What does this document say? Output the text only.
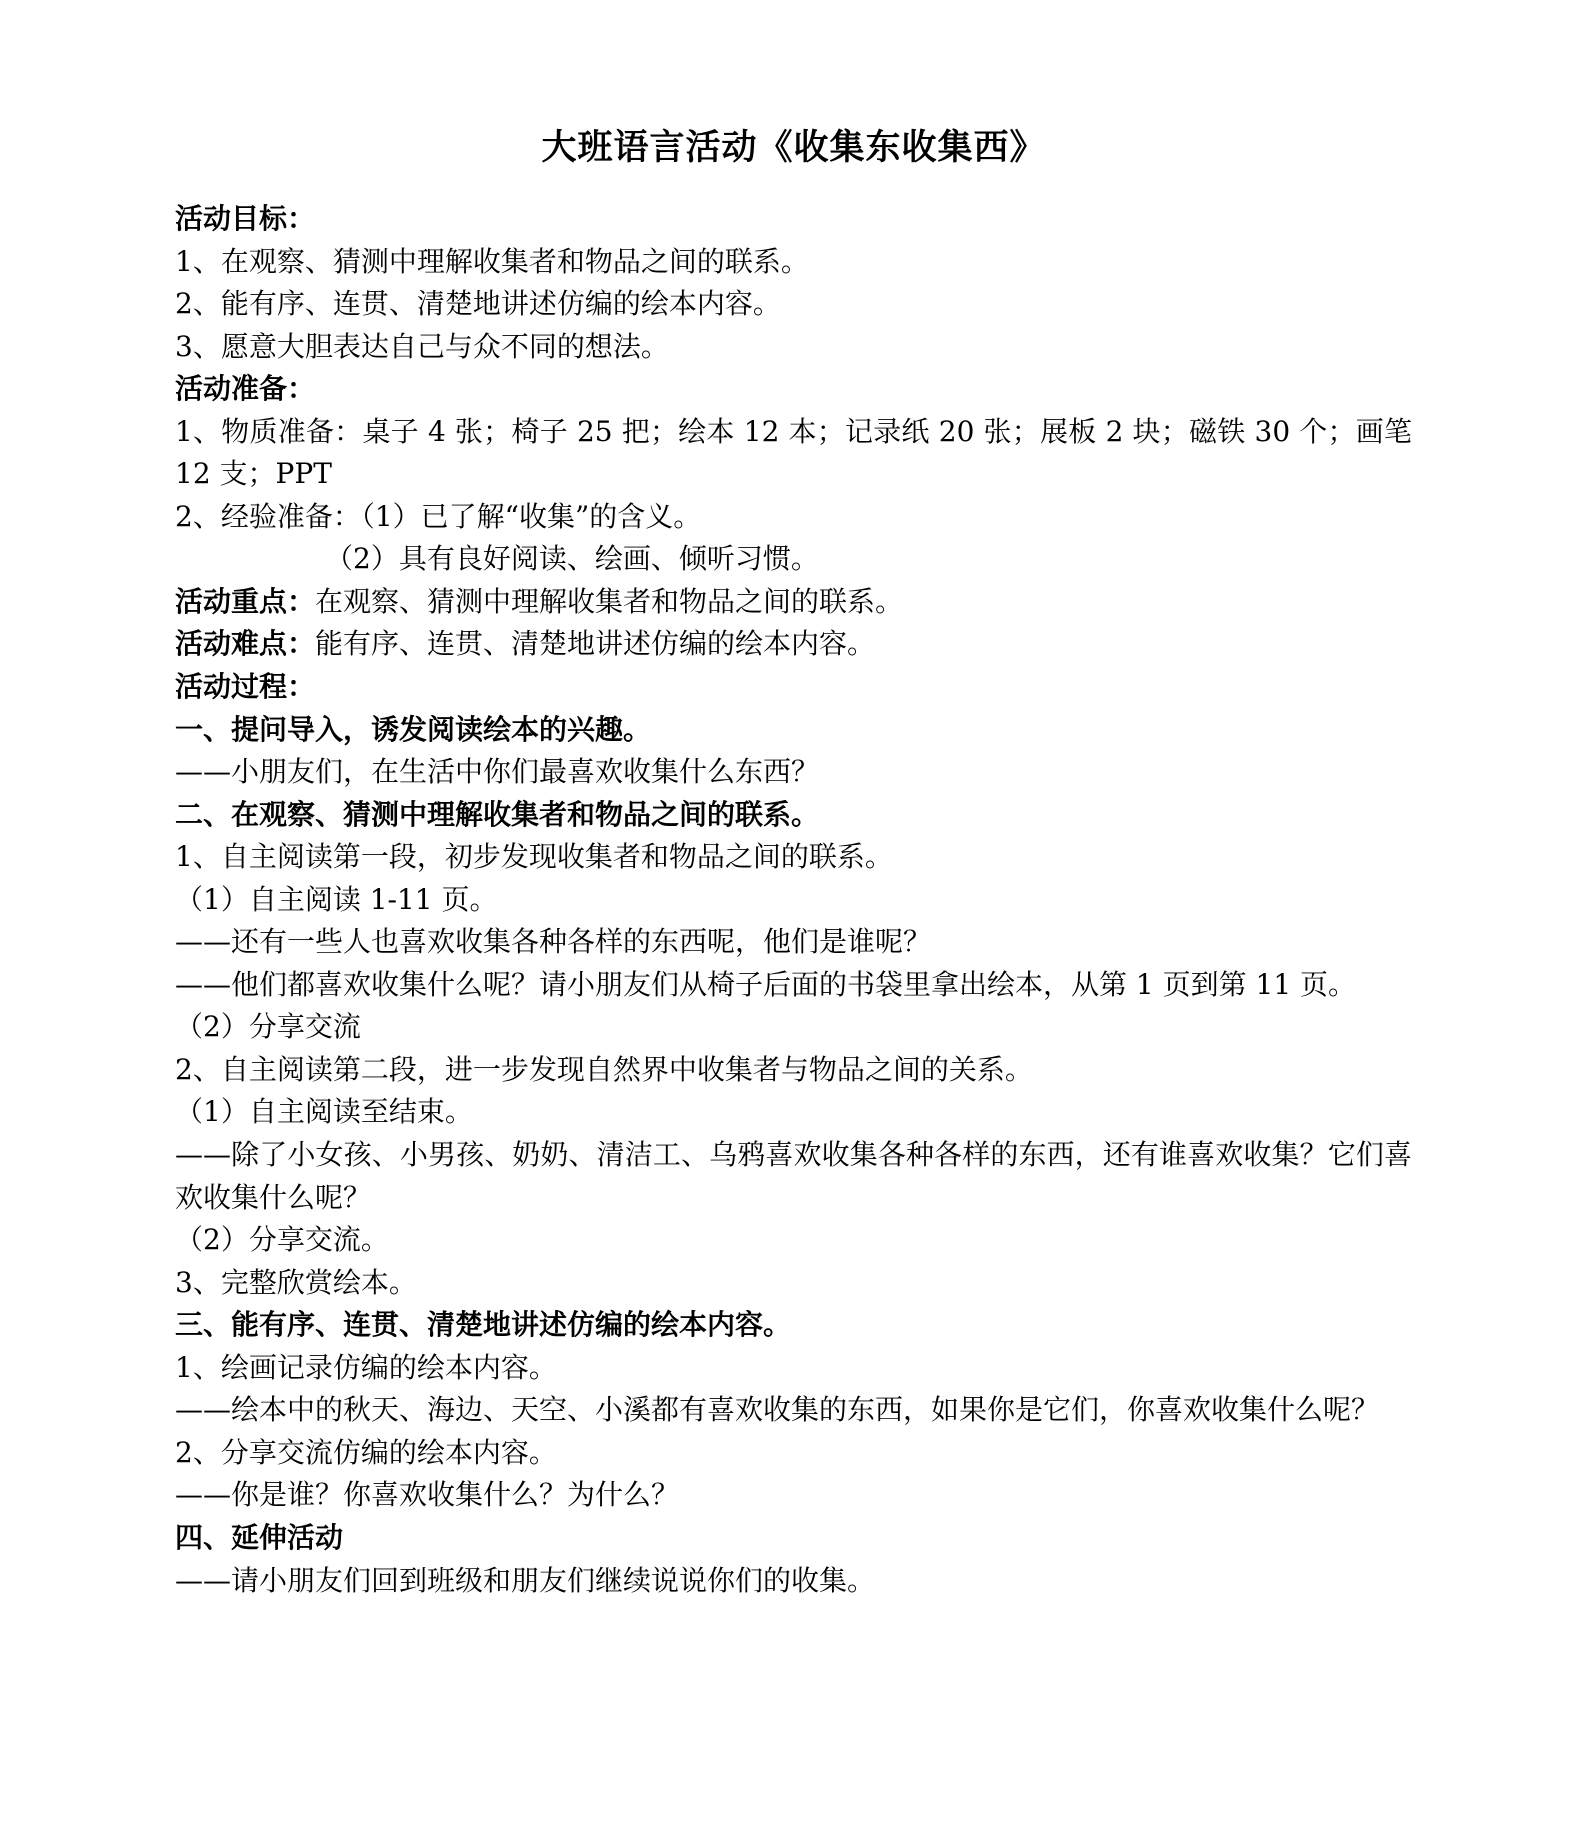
大班语言活动《收集东收集西》

活动目标：

1、在观察、猜测中理解收集者和物品之间的联系。

2、能有序、连贯、清楚地讲述仿编的绘本内容。

3、愿意大胆表达自己与众不同的想法。

活动准备：

1、物质准备：桌子 4 张；椅子 25 把；绘本 12 本；记录纸 20 张；展板 2 块；磁铁 30 个；画笔 12 支；PPT

2、经验准备：（1）已了解“收集”的含义。

（2）具有良好阅读、绘画、倾听习惯。

活动重点：在观察、猜测中理解收集者和物品之间的联系。

活动难点：能有序、连贯、清楚地讲述仿编的绘本内容。

活动过程：

一、提问导入，诱发阅读绘本的兴趣。

——小朋友们，在生活中你们最喜欢收集什么东西？

二、在观察、猜测中理解收集者和物品之间的联系。

1、自主阅读第一段，初步发现收集者和物品之间的联系。

（1）自主阅读 1-11 页。

——还有一些人也喜欢收集各种各样的东西呢，他们是谁呢？

——他们都喜欢收集什么呢？请小朋友们从椅子后面的书袋里拿出绘本，从第 1 页到第 11 页。

（2）分享交流

2、自主阅读第二段，进一步发现自然界中收集者与物品之间的关系。

（1）自主阅读至结束。

——除了小女孩、小男孩、奶奶、清洁工、乌鸦喜欢收集各种各样的东西，还有谁喜欢收集？它们喜欢收集什么呢？

（2）分享交流。

3、完整欣赏绘本。

三、能有序、连贯、清楚地讲述仿编的绘本内容。

1、绘画记录仿编的绘本内容。

——绘本中的秋天、海边、天空、小溪都有喜欢收集的东西，如果你是它们，你喜欢收集什么呢？

2、分享交流仿编的绘本内容。

——你是谁？你喜欢收集什么？为什么？

四、延伸活动

——请小朋友们回到班级和朋友们继续说说你们的收集。
